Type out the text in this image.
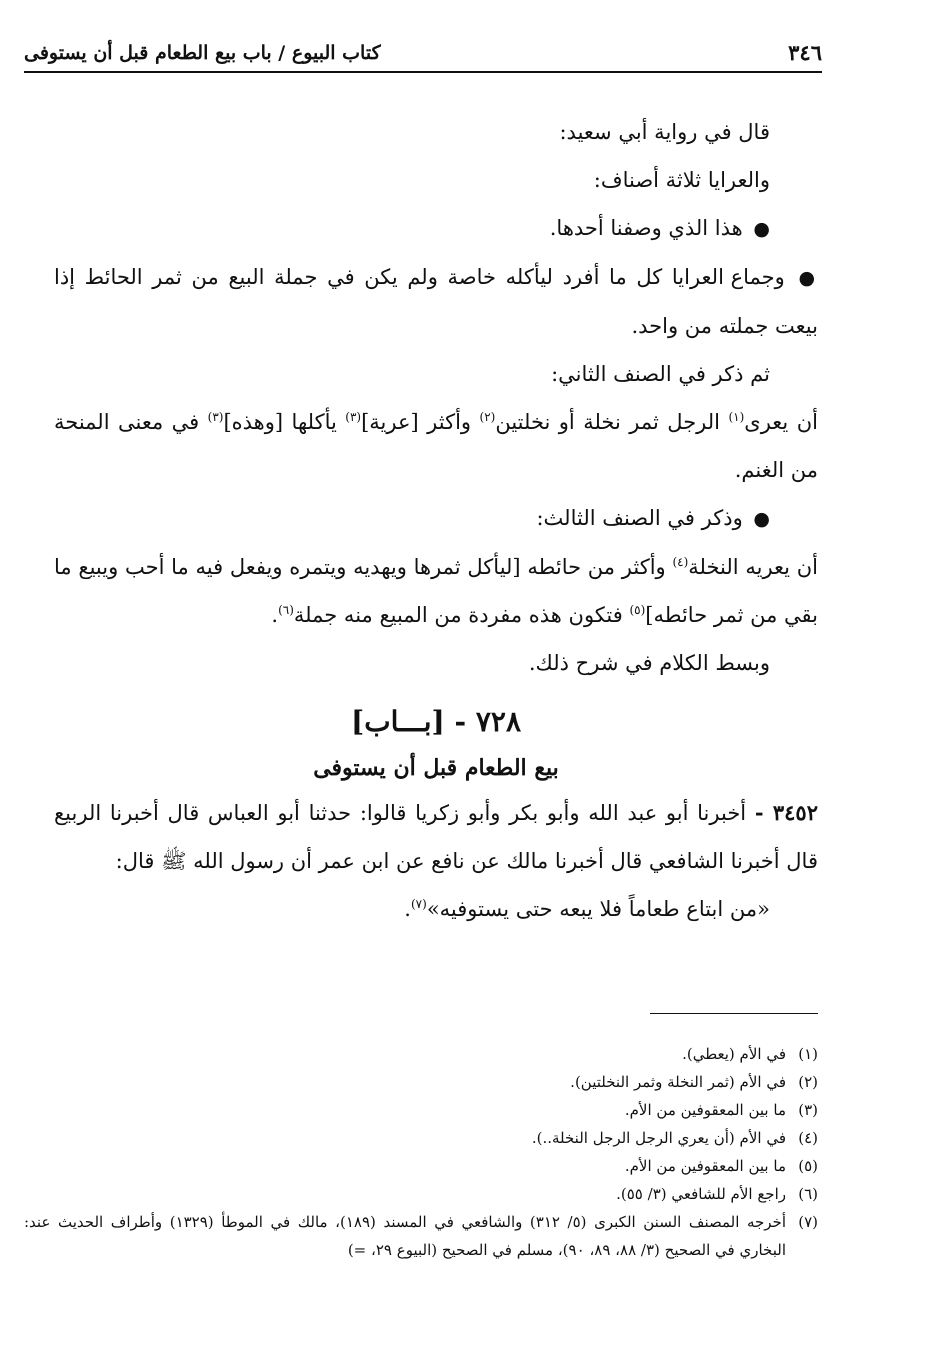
٣٤٦
كتاب البيوع / باب بيع الطعام قبل أن يستوفى

قال في رواية أبي سعيد:

والعرايا ثلاثة أصناف:

● هذا الذي وصفنا أحدها.

● وجماع العرايا كل ما أفرد ليأكله خاصة ولم يكن في جملة البيع من ثمر الحائط إذا بيعت جملته من واحد.

ثم ذكر في الصنف الثاني:

أن يعرى$^{(١)}$ الرجل ثمر نخلة أو نخلتين$^{(٢)}$ وأكثر [عرية]$^{(٣)}$ يأكلها [وهذه]$^{(٣)}$ في معنى المنحة من الغنم.

● وذكر في الصنف الثالث:

أن يعريه النخلة$^{(٤)}$ وأكثر من حائطه [ليأكل ثمرها ويهديه ويتمره ويفعل فيه ما أحب ويبيع ما بقي من ثمر حائطه]$^{(٥)}$ فتكون هذه مفردة من المبيع منه جملة$^{(٦)}$.

وبسط الكلام في شرح ذلك.

٧٢٨ - [بـــاب]
بيع الطعام قبل أن يستوفى

٣٤٥٢ - أخبرنا أبو عبد الله وأبو بكر وأبو زكريا قالوا: حدثنا أبو العباس قال أخبرنا الربيع قال أخبرنا الشافعي قال أخبرنا مالك عن نافع عن ابن عمر أن رسول الله ﷺ قال:

«من ابتاع طعاماً فلا يبعه حتى يستوفيه»$^{(٧)}$.

(١)
في الأم (يعطي).
(٢)
في الأم (ثمر النخلة وثمر النخلتين).
(٣)
ما بين المعقوفين من الأم.
(٤)
في الأم (أن يعري الرجل الرجل النخلة..).
(٥)
ما بين المعقوفين من الأم.
(٦)
راجع الأم للشافعي (٣/ ٥٥).
(٧)
أخرجه المصنف السنن الكبرى (٥/ ٣١٢) والشافعي في المسند (١٨٩)، مالك في الموطأ (١٣٢٩) وأطراف الحديث عند: البخاري في الصحيح (٣/ ٨٨، ٨٩، ٩٠)، مسلم في الصحيح (البيوع ٢٩، =)
